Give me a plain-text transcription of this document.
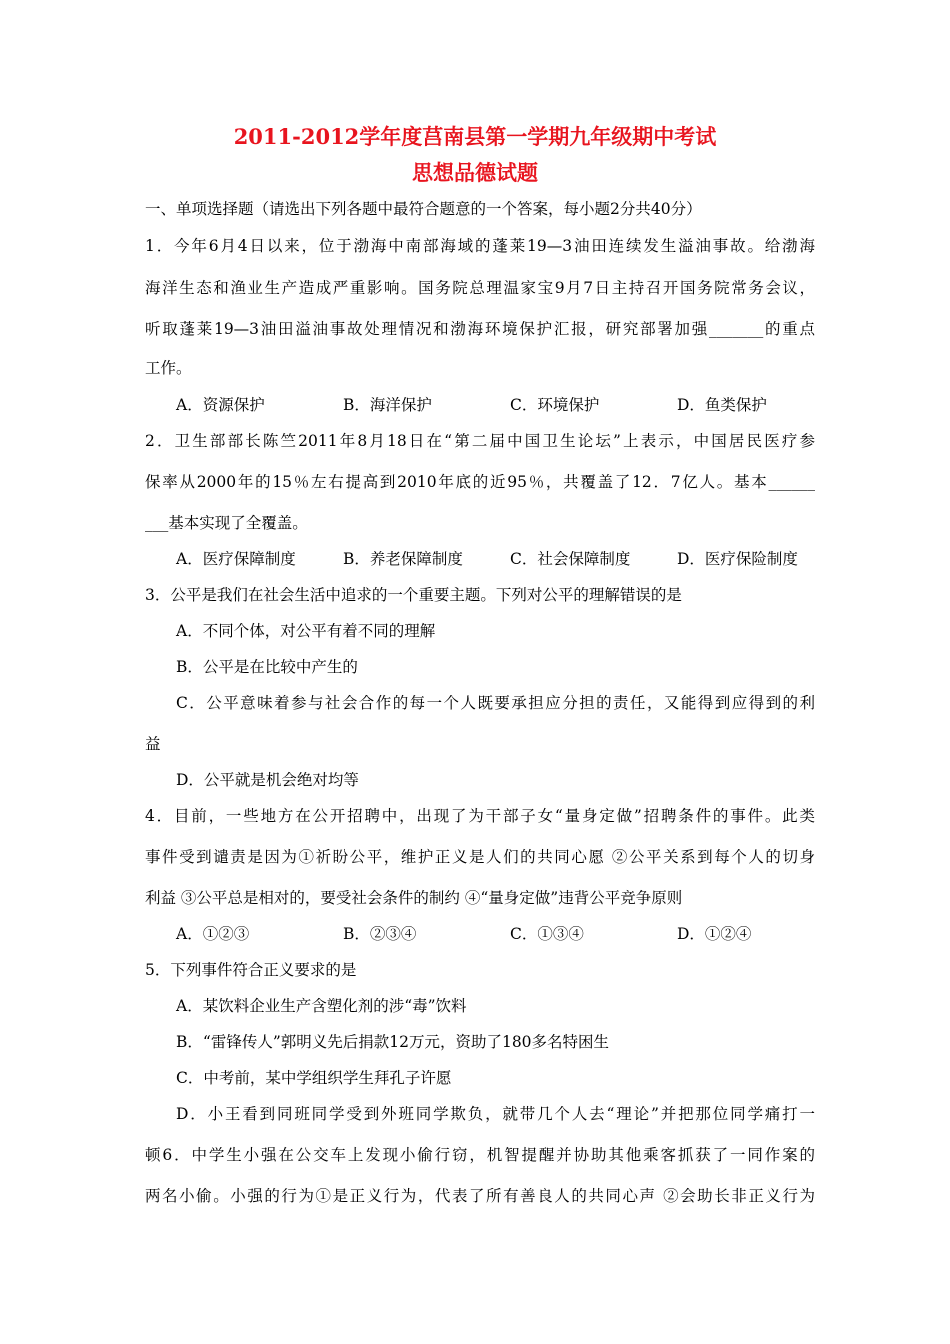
2011-2012学年度莒南县第一学期九年级期中考试
思想品德试题
一、单项选择题（请选出下列各题中最符合题意的一个答案，每小题2分共40分）
1．今年6月4日以来，位于渤海中南部海域的蓬莱19—3油田连续发生溢油事故。给渤海
海洋生态和渔业生产造成严重影响。国务院总理温家宝9月7日主持召开国务院常务会议，
听取蓬莱19—3油田溢油事故处理情况和渤海环境保护汇报，研究部署加强_______的重点
工作。
A．资源保护	B．海洋保护	C．环境保护	D．鱼类保护
2．卫生部部长陈竺2011年8月18日在“第二届中国卫生论坛”上表示，中国居民医疗参
保率从2000年的15％左右提高到2010年底的近95％，共覆盖了12．7亿人。基本______
___基本实现了全覆盖。
A．医疗保障制度	B．养老保障制度	C．社会保障制度	D．医疗保险制度
3．公平是我们在社会生活中追求的一个重要主题。下列对公平的理解错误的是
A．不同个体，对公平有着不同的理解
B．公平是在比较中产生的
C．公平意味着参与社会合作的每一个人既要承担应分担的责任，又能得到应得到的利
益
D．公平就是机会绝对均等
4．目前，一些地方在公开招聘中，出现了为干部子女“量身定做”招聘条件的事件。此类
事件受到谴责是因为①祈盼公平，维护正义是人们的共同心愿 ②公平关系到每个人的切身
利益 ③公平总是相对的，要受社会条件的制约 ④“量身定做”违背公平竞争原则
A．①②③	B．②③④	C．①③④	D．①②④
5．下列事件符合正义要求的是
A．某饮料企业生产含塑化剂的涉“毒”饮料
B．“雷锋传人”郭明义先后捐款12万元，资助了180多名特困生
C．中考前，某中学组织学生拜孔子许愿
D．小王看到同班同学受到外班同学欺负，就带几个人去“理论”并把那位同学痛打一
顿6．中学生小强在公交车上发现小偷行窃，机智提醒并协助其他乘客抓获了一同作案的
两名小偷。小强的行为①是正义行为，代表了所有善良人的共同心声 ②会助长非正义行为
